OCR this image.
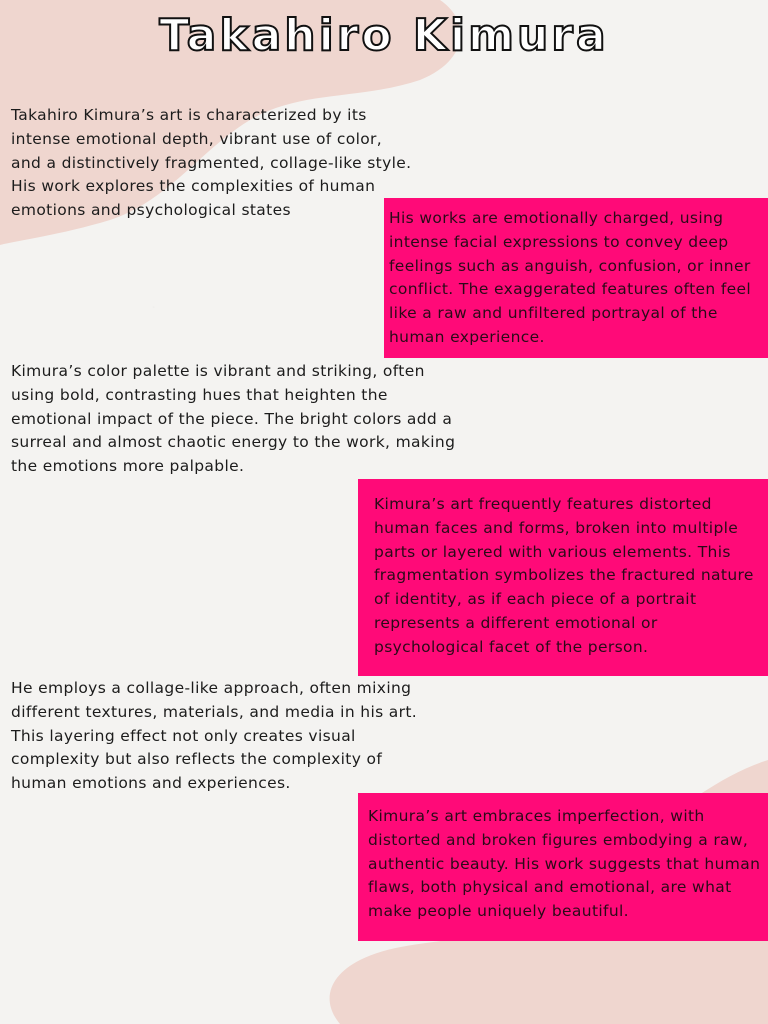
Takahiro Kimura

Takahiro Kimura’s art is characterized by its intense emotional depth, vibrant use of color, and a distinctively fragmented, collage-like style. His work explores the complexities of human emotions and psychological states	His works are emotionally charged, using intense facial expressions to convey deep feelings such as anguish, confusion, or inner conflict. The exaggerated features often feel like a raw and unfiltered portrayal of the human experience.

Kimura’s color palette is vibrant and striking, often using bold, contrasting hues that heighten the emotional impact of the piece. The bright colors add a surreal and almost chaotic energy to the work, making the emotions more palpable.

Kimura’s art frequently features distorted human faces and forms, broken into multiple parts or layered with various elements. This fragmentation symbolizes the fractured nature of identity, as if each piece of a portrait represents a different emotional or psychological facet of the person.

He employs a collage-like approach, often mixing different textures, materials, and media in his art. This layering effect not only creates visual complexity but also reflects the complexity of human emotions and experiences.

Kimura’s art embraces imperfection, with distorted and broken figures embodying a raw, authentic beauty. His work suggests that human flaws, both physical and emotional, are what make people uniquely beautiful.
